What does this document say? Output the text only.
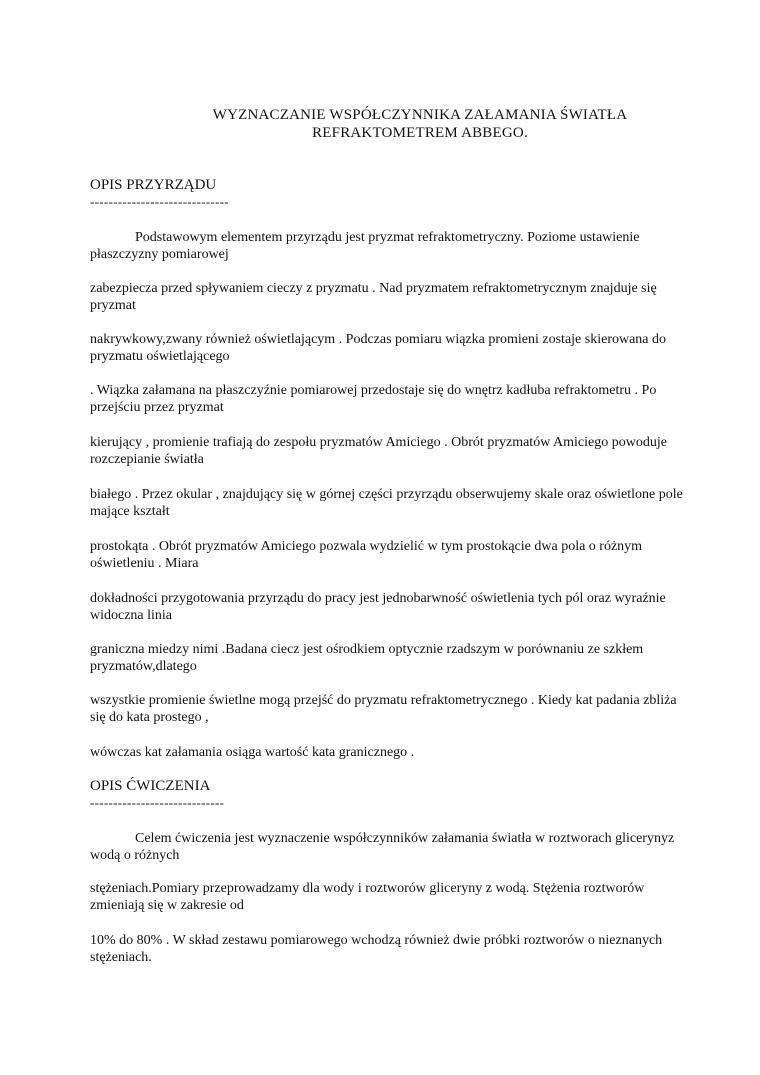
WYZNACZANIE WSPÓŁCZYNNIKA ZAŁAMANIA ŚWIATŁA
REFRAKTOMETREM ABBEGO.
OPIS PRZYRZĄDU
------------------------------
Podstawowym elementem przyrządu jest pryzmat refraktometryczny. Poziome ustawienie płaszczyzny pomiarowej
zabezpiecza przed spływaniem cieczy z pryzmatu . Nad pryzmatem refraktometrycznym znajduje się pryzmat
nakrywkowy,zwany również oświetlającym . Podczas pomiaru wiązka promieni zostaje skierowana do pryzmatu oświetlającego
. Wiązka załamana na płaszczyźnie pomiarowej przedostaje się do wnętrz kadłuba refraktometru . Po przejściu przez pryzmat
kierujący , promienie trafiają do zespołu pryzmatów Amiciego . Obrót pryzmatów Amiciego powoduje rozczepianie światła
białego . Przez okular , znajdujący się w górnej części przyrządu obserwujemy skale oraz oświetlone pole mające kształt
prostokąta . Obrót pryzmatów Amiciego pozwala wydzielić w tym prostokącie dwa pola o różnym oświetleniu . Miara
dokładności przygotowania przyrządu do pracy jest jednobarwność oświetlenia tych pól oraz wyraźnie widoczna linia
graniczna miedzy nimi .Badana ciecz jest ośrodkiem optycznie rzadszym w porównaniu ze szkłem pryzmatów,dlatego
wszystkie promienie świetlne mogą przejść do pryzmatu refraktometrycznego . Kiedy kat padania zbliża się do kata prostego ,
wówczas kat załamania osiąga wartość kata granicznego .
OPIS ĆWICZENIA
-----------------------------
Celem ćwiczenia jest wyznaczenie współczynników załamania światła w roztworach glicerynyz wodą o różnych
stężeniach.Pomiary przeprowadzamy dla wody i roztworów gliceryny z wodą. Stężenia roztworów zmieniają się w zakresie od
10% do 80% . W skład zestawu pomiarowego wchodzą również dwie próbki roztworów o nieznanych stężeniach.
